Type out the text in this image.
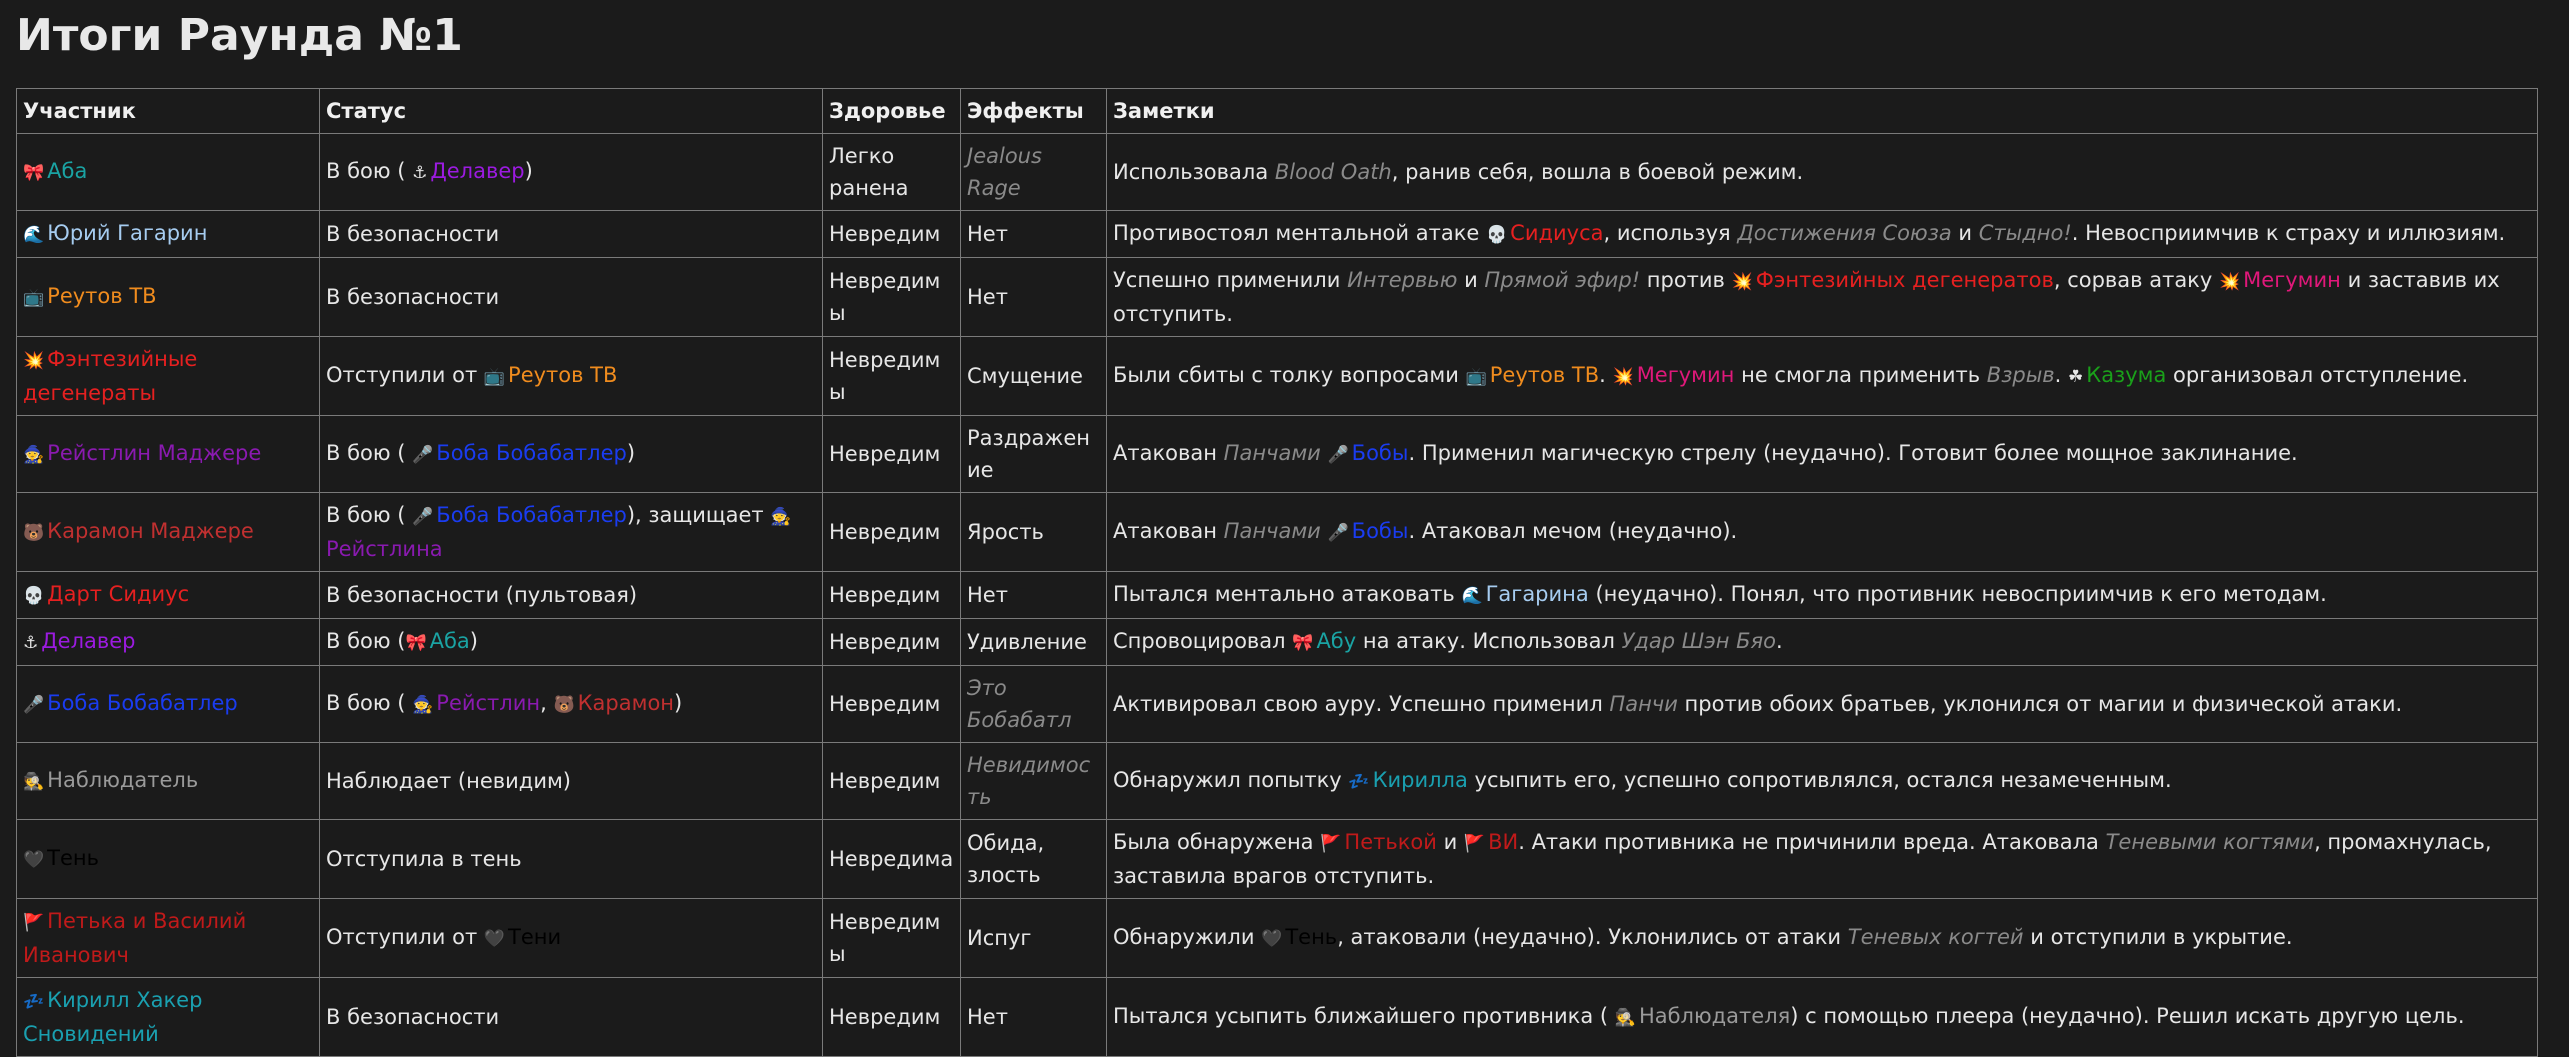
Итоги Раунда №1
Участник	Статус	Здоровье	Эффекты	Заметки
🎀 Аба	В бою ( ⚓ Делавер)	Легко ранена	Jealous Rage	Использовала Blood Oath, ранив себя, вошла в боевой режим.
🌊 Юрий Гагарин	В безопасности	Невредим	Нет	Противостоял ментальной атаке 💀 Сидиуса, используя Достижения Союза и Стыдно!. Невосприимчив к страху и иллюзиям.
📺 Реутов ТВ	В безопасности	Невредимы	Нет	Успешно применили Интервью и Прямой эфир! против 💥 Фэнтезийных дегенератов, сорвав атаку 💥 Мегумин и заставив их отступить.
💥 Фэнтезийные дегенераты	Отступили от 📺 Реутов ТВ	Невредимы	Смущение	Были сбиты с толку вопросами 📺 Реутов ТВ. 💥 Мегумин не смогла применить Взрыв. ☘ Казума организовал отступление.
🧙 Рейстлин Маджере	В бою ( 🎤 Боба Бобабатлер)	Невредим	Раздражение	Атакован Панчами 🎤 Бобы. Применил магическую стрелу (неудачно). Готовит более мощное заклинание.
🐻 Карамон Маджере	В бою ( 🎤 Боба Бобабатлер), защищает 🧙Рейстлина	Невредим	Ярость	Атакован Панчами 🎤 Бобы. Атаковал мечом (неудачно).
💀 Дарт Сидиус	В безопасности (пультовая)	Невредим	Нет	Пытался ментально атаковать 🌊 Гагарина (неудачно). Понял, что противник невосприимчив к его методам.
⚓ Делавер	В бою (🎀 Аба)	Невредим	Удивление	Спровоцировал 🎀 Абу на атаку. Использовал Удар Шэн Бяо.
🎤 Боба Бобабатлер	В бою ( 🧙 Рейстлин, 🐻 Карамон)	Невредим	Это Бобабатл	Активировал свою ауру. Успешно применил Панчи против обоих братьев, уклонился от магии и физической атаки.
🕵 Наблюдатель	Наблюдает (невидим)	Невредим	Невидимость	Обнаружил попытку 💤 Кирилла усыпить его, успешно сопротивлялся, остался незамеченным.
🖤 Тень	Отступила в тень	Невредима	Обида, злость	Была обнаружена 🚩 Петькой и 🚩 ВИ. Атаки противника не причинили вреда. Атаковала Теневыми когтями, промахнулась, заставила врагов отступить.
🚩 Петька и Василий Иванович	Отступили от 🖤 Тени	Невредимы	Испуг	Обнаружили 🖤 Тень, атаковали (неудачно). Уклонились от атаки Теневых когтей и отступили в укрытие.
💤 Кирилл Хакер Сновидений	В безопасности	Невредим	Нет	Пытался усыпить ближайшего противника ( 🕵 Наблюдателя) с помощью плеера (неудачно). Решил искать другую цель.
